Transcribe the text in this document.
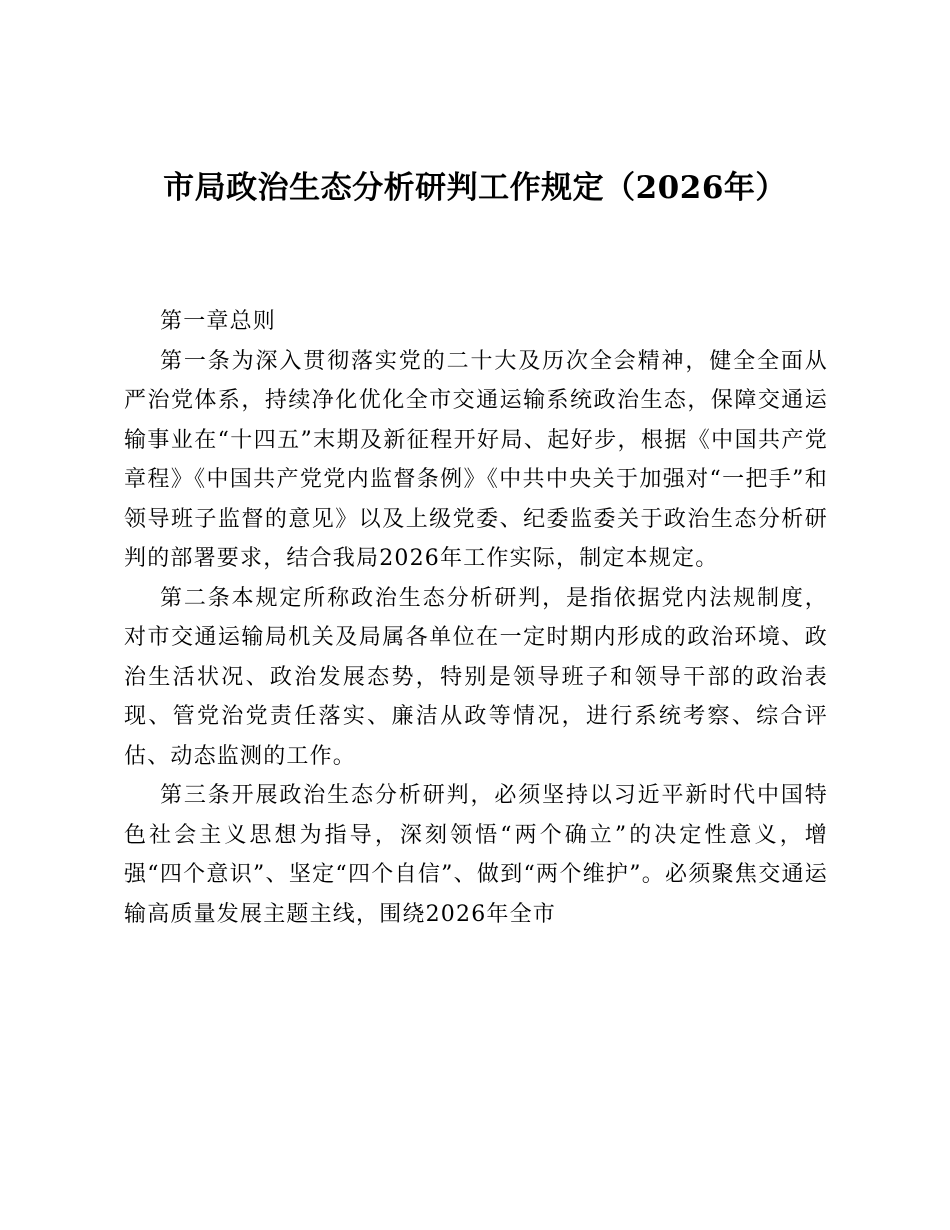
市局政治生态分析研判工作规定（2026年）

第一章总则

第一条为深入贯彻落实党的二十大及历次全会精神，健全全面从严治党体系，持续净化优化全市交通运输系统政治生态，保障交通运输事业在“十四五”末期及新征程开好局、起好步，根据《中国共产党章程》《中国共产党党内监督条例》《中共中央关于加强对“一把手”和领导班子监督的意见》以及上级党委、纪委监委关于政治生态分析研判的部署要求，结合我局2026年工作实际，制定本规定。

第二条本规定所称政治生态分析研判，是指依据党内法规制度，对市交通运输局机关及局属各单位在一定时期内形成的政治环境、政治生活状况、政治发展态势，特别是领导班子和领导干部的政治表现、管党治党责任落实、廉洁从政等情况，进行系统考察、综合评估、动态监测的工作。

第三条开展政治生态分析研判，必须坚持以习近平新时代中国特色社会主义思想为指导，深刻领悟“两个确立”的决定性意义，增强“四个意识”、坚定“四个自信”、做到“两个维护”。必须聚焦交通运输高质量发展主题主线，围绕2026年全市
